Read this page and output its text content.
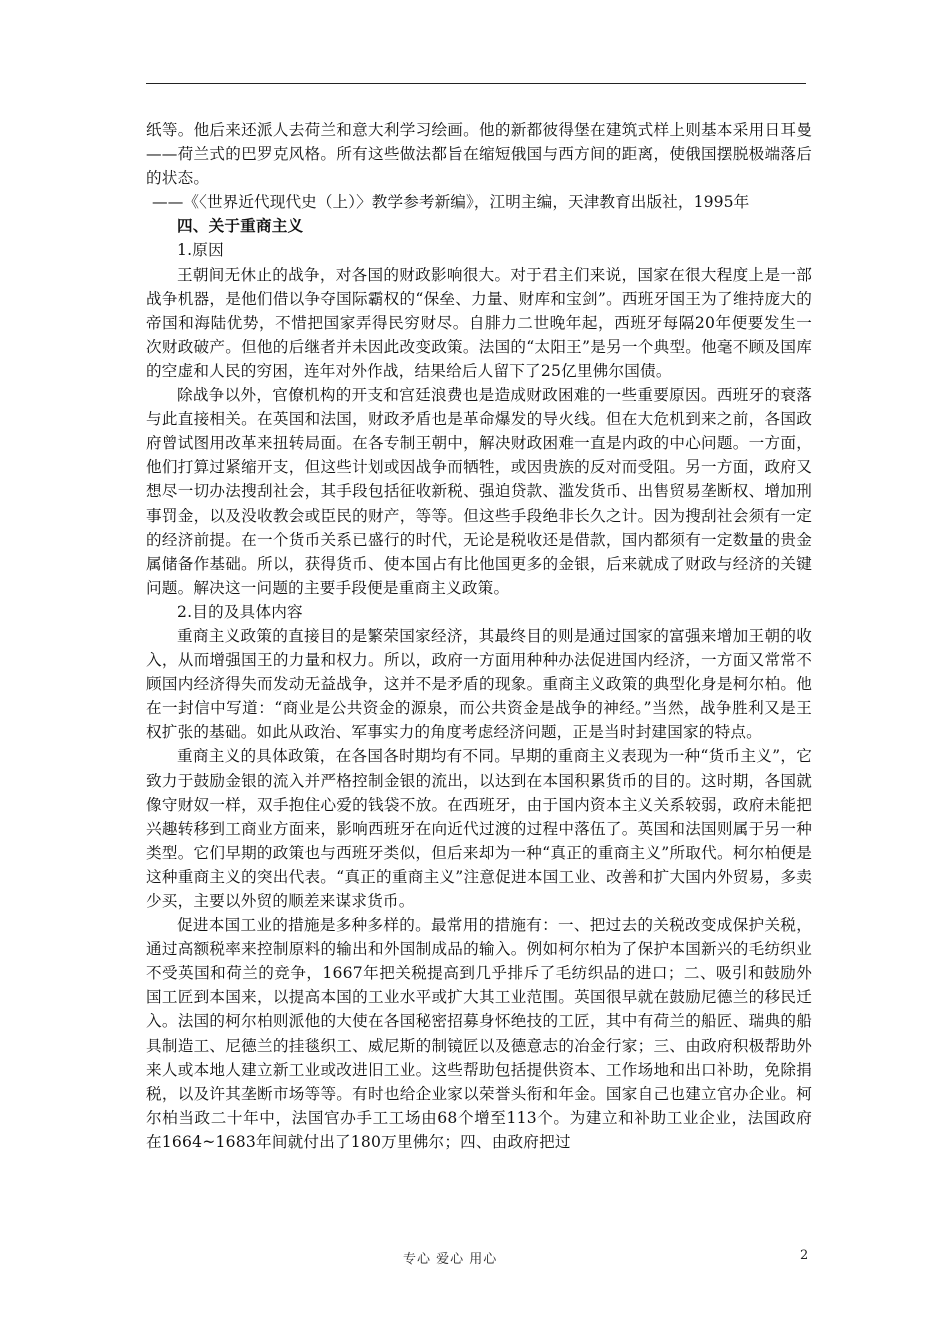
纸等。他后来还派人去荷兰和意大利学习绘画。他的新都彼得堡在建筑式样上则基本采用日耳曼——荷兰式的巴罗克风格。所有这些做法都旨在缩短俄国与西方间的距离，使俄国摆脱极端落后的状态。

——《〈世界近代现代史（上）〉教学参考新编》，江明主编，天津教育出版社，1995年

四、关于重商主义

1.原因

王朝间无休止的战争，对各国的财政影响很大。对于君主们来说，国家在很大程度上是一部战争机器，是他们借以争夺国际霸权的“保垒、力量、财库和宝剑”。西班牙国王为了维持庞大的帝国和海陆优势，不惜把国家弄得民穷财尽。自腓力二世晚年起，西班牙每隔20年便要发生一次财政破产。但他的后继者并未因此改变政策。法国的“太阳王”是另一个典型。他毫不顾及国库的空虚和人民的穷困，连年对外作战，结果给后人留下了25亿里佛尔国债。

除战争以外，官僚机构的开支和宫廷浪费也是造成财政困难的一些重要原因。西班牙的衰落与此直接相关。在英国和法国，财政矛盾也是革命爆发的导火线。但在大危机到来之前，各国政府曾试图用改革来扭转局面。在各专制王朝中，解决财政困难一直是内政的中心问题。一方面，他们打算过紧缩开支，但这些计划或因战争而牺牲，或因贵族的反对而受阻。另一方面，政府又想尽一切办法搜刮社会，其手段包括征收新税、强迫贷款、滥发货币、出售贸易垄断权、增加刑事罚金，以及没收教会或臣民的财产，等等。但这些手段绝非长久之计。因为搜刮社会须有一定的经济前提。在一个货币关系已盛行的时代，无论是税收还是借款，国内都须有一定数量的贵金属储备作基础。所以，获得货币、使本国占有比他国更多的金银，后来就成了财政与经济的关键问题。解决这一问题的主要手段便是重商主义政策。

2.目的及具体内容

重商主义政策的直接目的是繁荣国家经济，其最终目的则是通过国家的富强来增加王朝的收入，从而增强国王的力量和权力。所以，政府一方面用种种办法促进国内经济，一方面又常常不顾国内经济得失而发动无益战争，这并不是矛盾的现象。重商主义政策的典型化身是柯尔柏。他在一封信中写道：“商业是公共资金的源泉，而公共资金是战争的神经。”当然，战争胜利又是王权扩张的基础。如此从政治、军事实力的角度考虑经济问题，正是当时封建国家的特点。

重商主义的具体政策，在各国各时期均有不同。早期的重商主义表现为一种“货币主义”，它致力于鼓励金银的流入并严格控制金银的流出，以达到在本国积累货币的目的。这时期，各国就像守财奴一样，双手抱住心爱的钱袋不放。在西班牙，由于国内资本主义关系较弱，政府未能把兴趣转移到工商业方面来，影响西班牙在向近代过渡的过程中落伍了。英国和法国则属于另一种类型。它们早期的政策也与西班牙类似，但后来却为一种“真正的重商主义”所取代。柯尔柏便是这种重商主义的突出代表。“真正的重商主义”注意促进本国工业、改善和扩大国内外贸易，多卖少买，主要以外贸的顺差来谋求货币。

促进本国工业的措施是多种多样的。最常用的措施有：一、把过去的关税改变成保护关税，通过高额税率来控制原料的输出和外国制成品的输入。例如柯尔柏为了保护本国新兴的毛纺织业不受英国和荷兰的竞争，1667年把关税提高到几乎排斥了毛纺织品的进口；二、吸引和鼓励外国工匠到本国来，以提高本国的工业水平或扩大其工业范围。英国很早就在鼓励尼德兰的移民迁入。法国的柯尔柏则派他的大使在各国秘密招募身怀绝技的工匠，其中有荷兰的船匠、瑞典的船具制造工、尼德兰的挂毯织工、威尼斯的制镜匠以及德意志的冶金行家；三、由政府积极帮助外来人或本地人建立新工业或改进旧工业。这些帮助包括提供资本、工作场地和出口补助，免除捐税，以及许其垄断市场等等。有时也给企业家以荣誉头衔和年金。国家自己也建立官办企业。柯尔柏当政二十年中，法国官办手工工场由68个增至113个。为建立和补助工业企业，法国政府在1664~1683年间就付出了180万里佛尔；四、由政府把过

专心 爱心 用心	2
